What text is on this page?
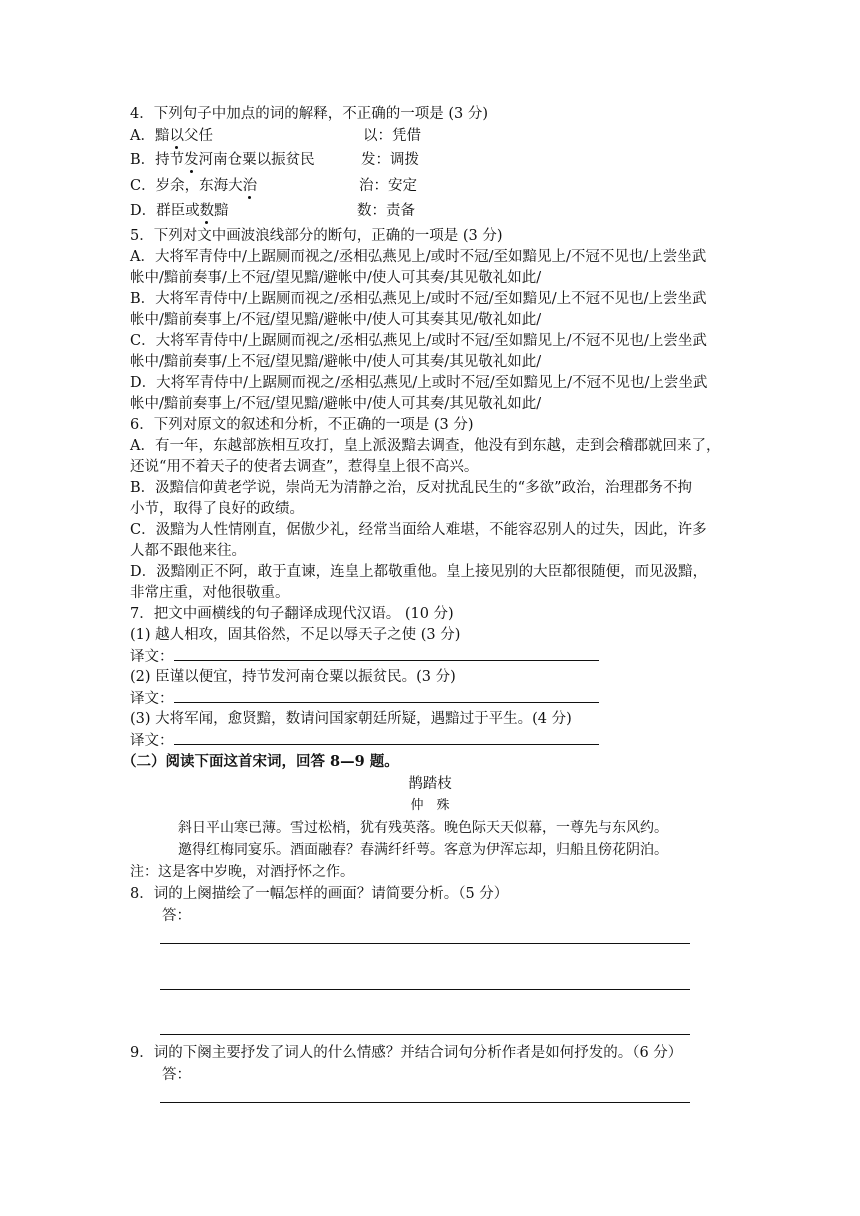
4．下列句子中加点的词的解释，不正确的一项是 (3 分)
A．黯以父任	以：凭借
B．持节发河南仓粟以振贫民	发：调拨
C．岁余，东海大治	治：安定
D．群臣或数黯	数：责备
5．下列对文中画波浪线部分的断句，正确的一项是 (3 分)
A．大将军青侍中/上踞厕而视之/丞相弘燕见上/或时不冠/至如黯见上/不冠不见也/上尝坐武
帐中/黯前奏事/上不冠/望见黯/避帐中/使人可其奏/其见敬礼如此/
B．大将军青侍中/上踞厕而视之/丞相弘燕见上/或时不冠/至如黯见/上不冠不见也/上尝坐武
帐中/黯前奏事上/不冠/望见黯/避帐中/使人可其奏其见/敬礼如此/
C．大将军青侍中/上踞厕而视之/丞相弘燕见上/或时不冠/至如黯见上/不冠不见也/上尝坐武
帐中/黯前奏事/上不冠/望见黯/避帐中/使人可其奏/其见敬礼如此/
D．大将军青侍中/上踞厕而视之/丞相弘燕见/上或时不冠/至如黯见上/不冠不见也/上尝坐武
帐中/黯前奏事上/不冠/望见黯/避帐中/使人可其奏/其见敬礼如此/
6．下列对原文的叙述和分析，不正确的一项是 (3 分)
A．有一年，东越部族相互攻打，皇上派汲黯去调查，他没有到东越，走到会稽郡就回来了，
还说“用不着天子的使者去调查”，惹得皇上很不高兴。
B．汲黯信仰黄老学说，崇尚无为清静之治，反对扰乱民生的“多欲”政治，治理郡务不拘
小节，取得了良好的政绩。
C．汲黯为人性情刚直，倨傲少礼，经常当面给人难堪，不能容忍别人的过失，因此，许多
人都不跟他来往。
D．汲黯刚正不阿，敢于直谏，连皇上都敬重他。皇上接见别的大臣都很随便，而见汲黯，
非常庄重，对他很敬重。
7．把文中画横线的句子翻译成现代汉语。 (10 分)
(1) 越人相攻，固其俗然，不足以辱天子之使 (3 分)
译文：
(2) 臣谨以便宜，持节发河南仓粟以振贫民。(3 分)
译文：
(3) 大将军闻，愈贤黯，数请问国家朝廷所疑，遇黯过于平生。(4 分)
译文：
（二）阅读下面这首宋词，回答 8—9 题。
鹊踏枝
仲　殊
斜日平山寒已薄。雪过松梢，犹有残英落。晚色际天天似幕，一尊先与东风约。
邀得红梅同宴乐。酒面融春？春满纤纤萼。客意为伊浑忘却，归船且傍花阴泊。
注：这是客中岁晚，对酒抒怀之作。
8．词的上阕描绘了一幅怎样的画面？请简要分析。（5 分）
答：
9．词的下阕主要抒发了词人的什么情感？并结合词句分析作者是如何抒发的。（6 分）
答：
